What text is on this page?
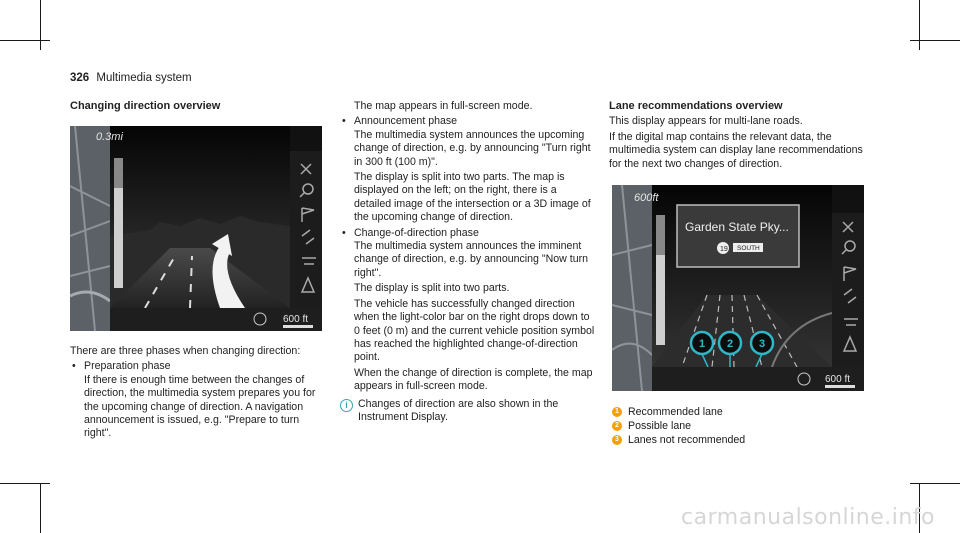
326 Multimedia system
Changing direction overview
0.3mi
600 ft

There are three phases when changing direction:

• Preparation phase
If there is enough time between the changes of direction, the multimedia system prepares you for the upcoming change of direction. A navigation announcement is issued, e.g. "Prepare to turn right".

The map appears in full-screen mode.

• Announcement phase
The multimedia system announces the upcoming change of direction, e.g. by announcing "Turn right in 300 ft (100 m)".
The display is split into two parts. The map is displayed on the left; on the right, there is a detailed image of the intersection or a 3D image of the upcoming change of direction.
• Change-of-direction phase
The multimedia system announces the imminent change of direction, e.g. by announcing "Now turn right".
The display is split into two parts.
The vehicle has successfully changed direction when the light-color bar on the right drops down to 0 feet (0 m) and the current vehicle position symbol has reached the highlighted change-of-direction point.
When the change of direction is complete, the map appears in full-screen mode.
i Changes of direction are also shown in the Instrument Display.
Lane recommendations overview

This display appears for multi-lane roads.

If the digital map contains the relevant data, the multimedia system can display lane recommendations for the next two changes of direction.

Garden State Pky...
19 SOUTH
1 2 3
600ft
600 ft
1 Recommended lane
2 Possible lane
3 Lanes not recommended
carmanualsonline.info
